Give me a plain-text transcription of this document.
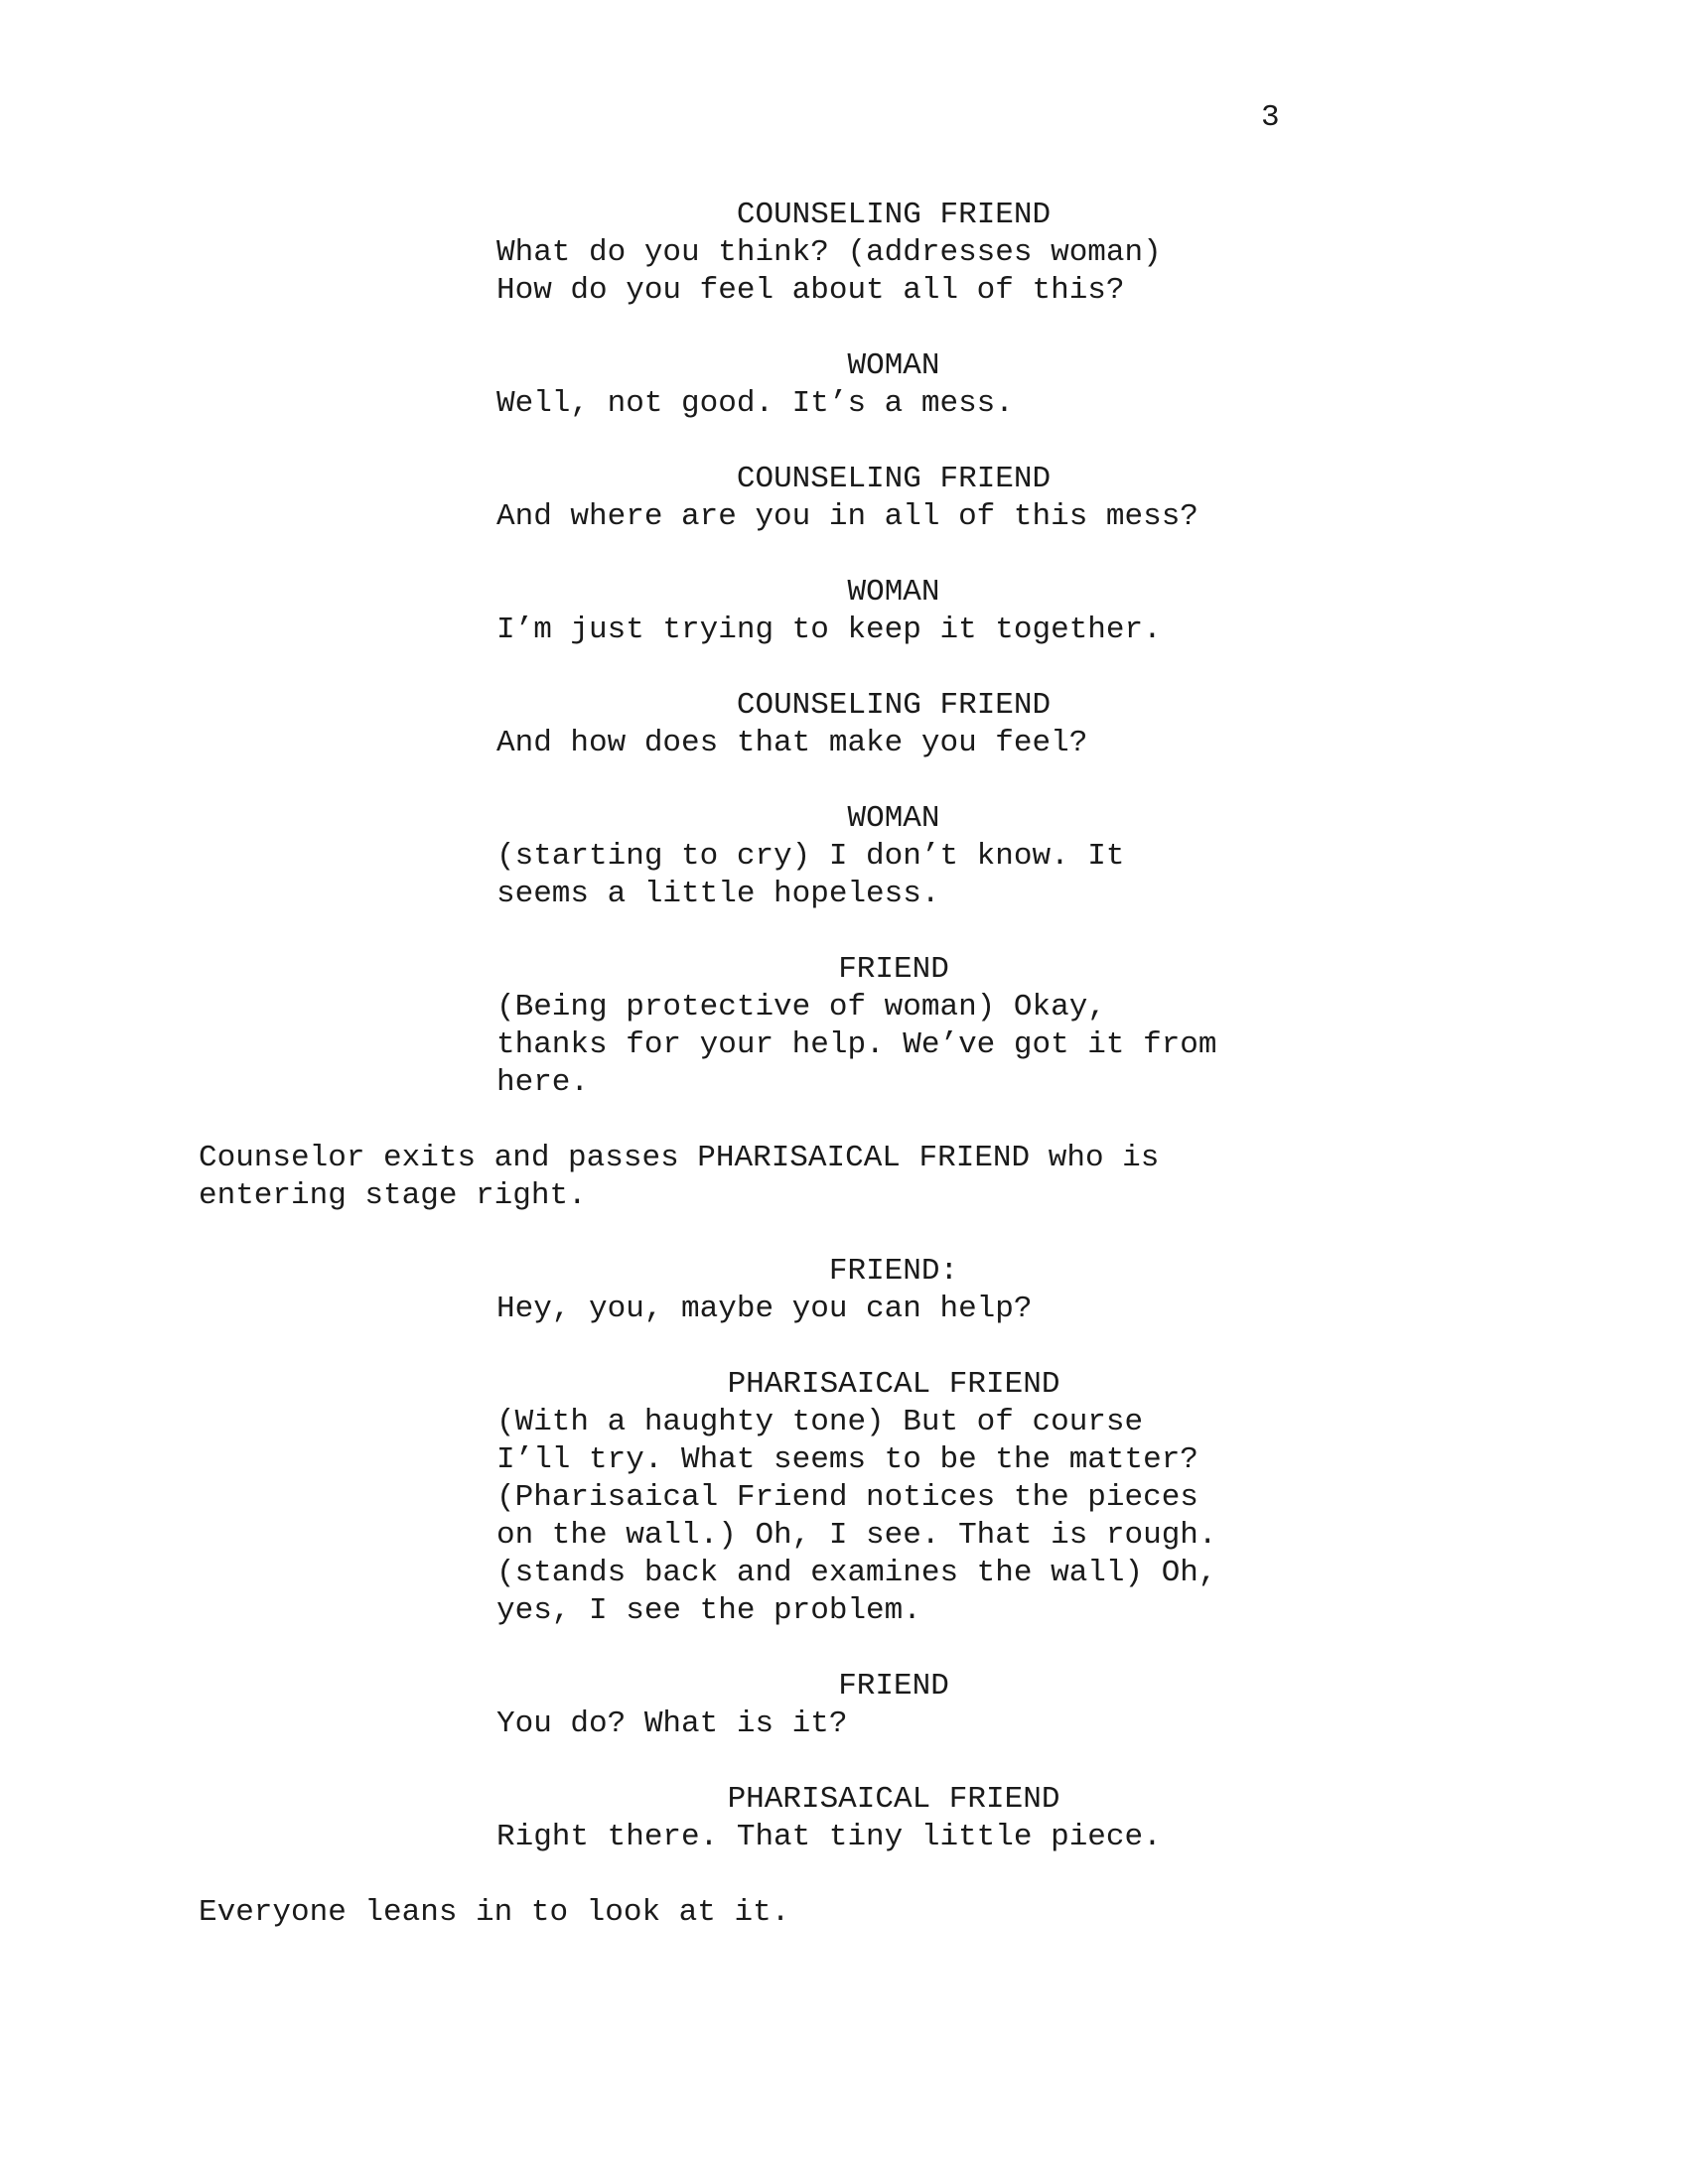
3
COUNSELING FRIEND
What do you think? (addresses woman)
How do you feel about all of this?
WOMAN
Well, not good. It’s a mess.
COUNSELING FRIEND
And where are you in all of this mess?
WOMAN
I’m just trying to keep it together.
COUNSELING FRIEND
And how does that make you feel?
WOMAN
(starting to cry) I don’t know. It
seems a little hopeless.
FRIEND
(Being protective of woman) Okay,
thanks for your help. We’ve got it from
here.
Counselor exits and passes PHARISAICAL FRIEND who is
entering stage right.
FRIEND:
Hey, you, maybe you can help?
PHARISAICAL FRIEND
(With a haughty tone) But of course
I’ll try. What seems to be the matter?
(Pharisaical Friend notices the pieces
on the wall.) Oh, I see. That is rough.
(stands back and examines the wall) Oh,
yes, I see the problem.
FRIEND
You do? What is it?
PHARISAICAL FRIEND
Right there. That tiny little piece.
Everyone leans in to look at it.
